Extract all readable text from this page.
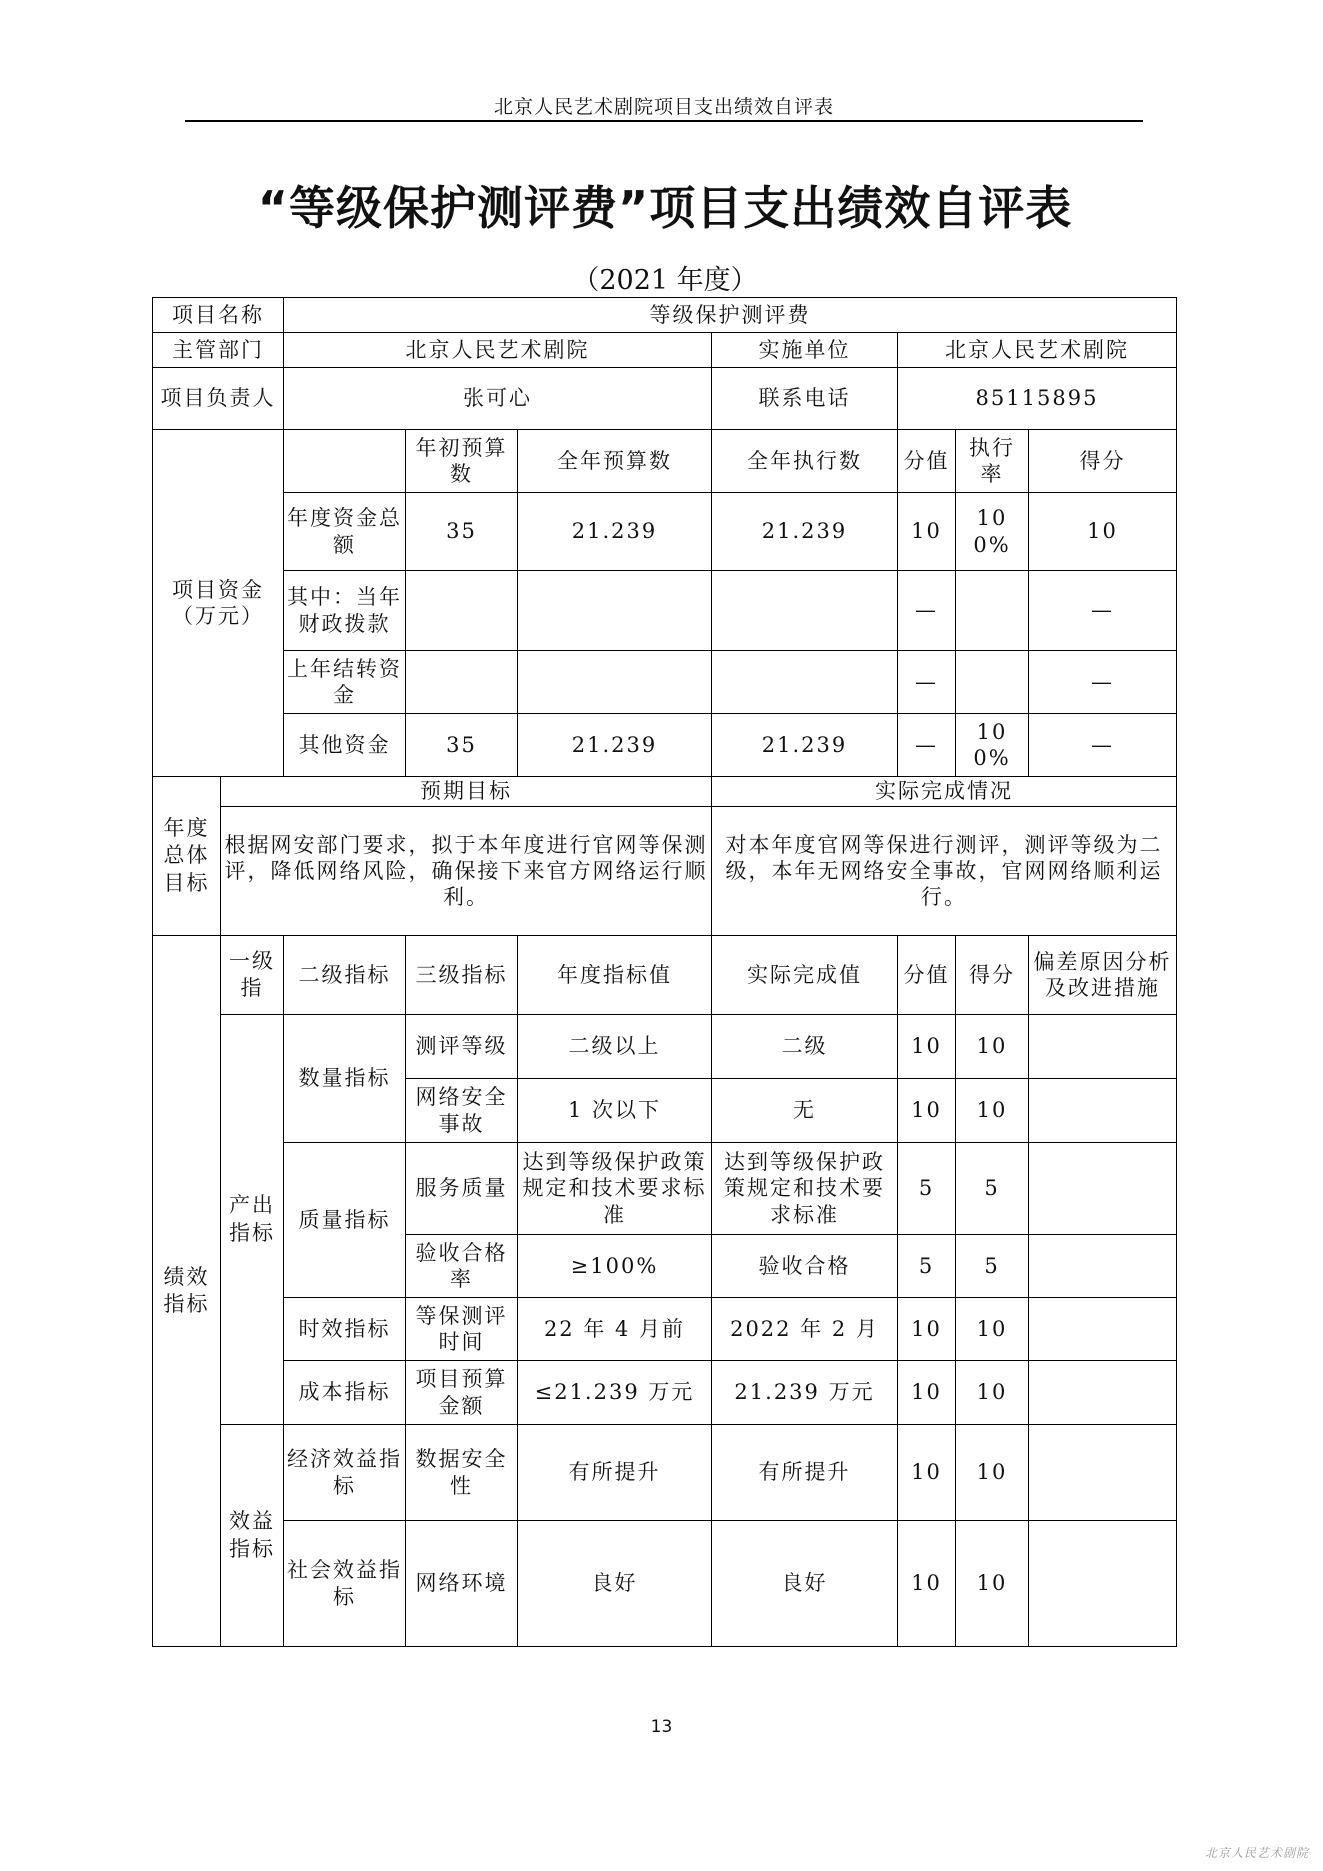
北京人民艺术剧院项目支出绩效自评表
“等级保护测评费”项目支出绩效自评表
（2021 年度）
项目名称		等级保护测评费						
主管部门		北京人民艺术剧院			实施单位	北京人民艺术剧院		
项目负责人		张可心			联系电话	85115895		
项目资金（万元）			年初预算数	全年预算数	全年执行数	分值	执行率	得分
		年度资金总额	35	21.239	21.239	10	100%	10
		其中：当年财政拨款				—		—
		上年结转资金				—		—
		其他资金	35	21.239	21.239	—	100%	—
年度总体目标	预期目标				实际完成情况			
	根据网安部门要求，拟于本年度进行官网等保测评，降低网络风险，确保接下来官方网络运行顺利。				对本年度官网等保进行测评，测评等级为二级，本年无网络安全事故，官网网络顺利运行。			
绩效指标	一级指	二级指标	三级指标	年度指标值	实际完成值	分值	得分	偏差原因分析及改进措施
	产出指标	数量指标	测评等级	二级以上	二级	10	10	
			网络安全事故	1 次以下	无	10	10	
		质量指标	服务质量	达到等级保护政策规定和技术要求标准	达到等级保护政策规定和技术要求标准	5	5	
			验收合格率	≥100%	验收合格	5	5	
		时效指标	等保测评时间	22 年 4 月前	2022 年 2 月	10	10	
		成本指标	项目预算金额	≤21.239 万元	21.239 万元	10	10	
	效益指标	经济效益指标	数据安全性	有所提升	有所提升	10	10	
		社会效益指标	网络环境	良好	良好	10	10	
13
北京人民艺术剧院
